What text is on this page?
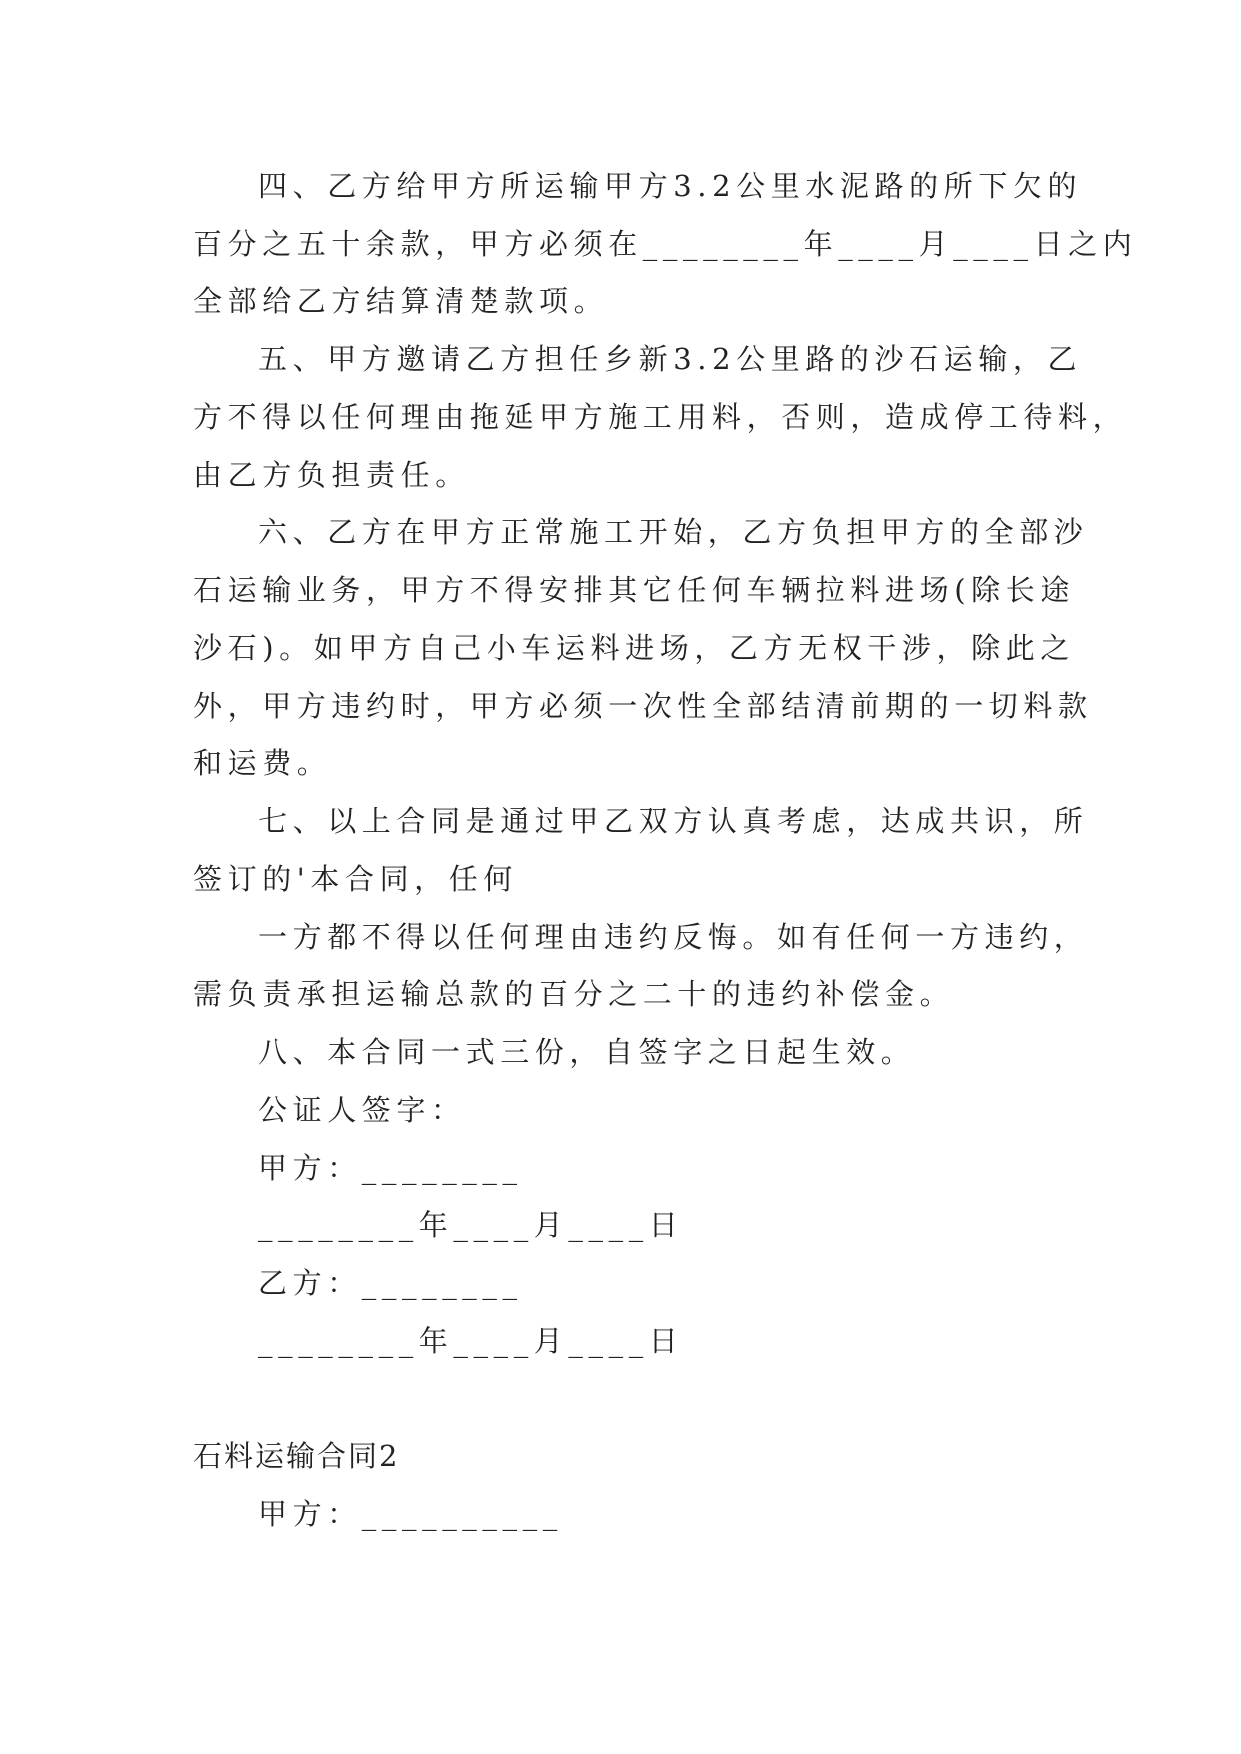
四、乙方给甲方所运输甲方3.2公里水泥路的所下欠的
百分之五十余款，甲方必须在________年____月____日之内
全部给乙方结算清楚款项。
五、甲方邀请乙方担任乡新3.2公里路的沙石运输，乙
方不得以任何理由拖延甲方施工用料，否则，造成停工待料，
由乙方负担责任。
六、乙方在甲方正常施工开始，乙方负担甲方的全部沙
石运输业务，甲方不得安排其它任何车辆拉料进场(除长途
沙石)。如甲方自己小车运料进场，乙方无权干涉，除此之
外，甲方违约时，甲方必须一次性全部结清前期的一切料款
和运费。
七、以上合同是通过甲乙双方认真考虑，达成共识，所
签订的'本合同，任何
一方都不得以任何理由违约反悔。如有任何一方违约，
需负责承担运输总款的百分之二十的违约补偿金。
八、本合同一式三份，自签字之日起生效。
公证人签字：
甲方：________
________年____月____日
乙方：________
________年____月____日
石料运输合同2
甲方：__________
